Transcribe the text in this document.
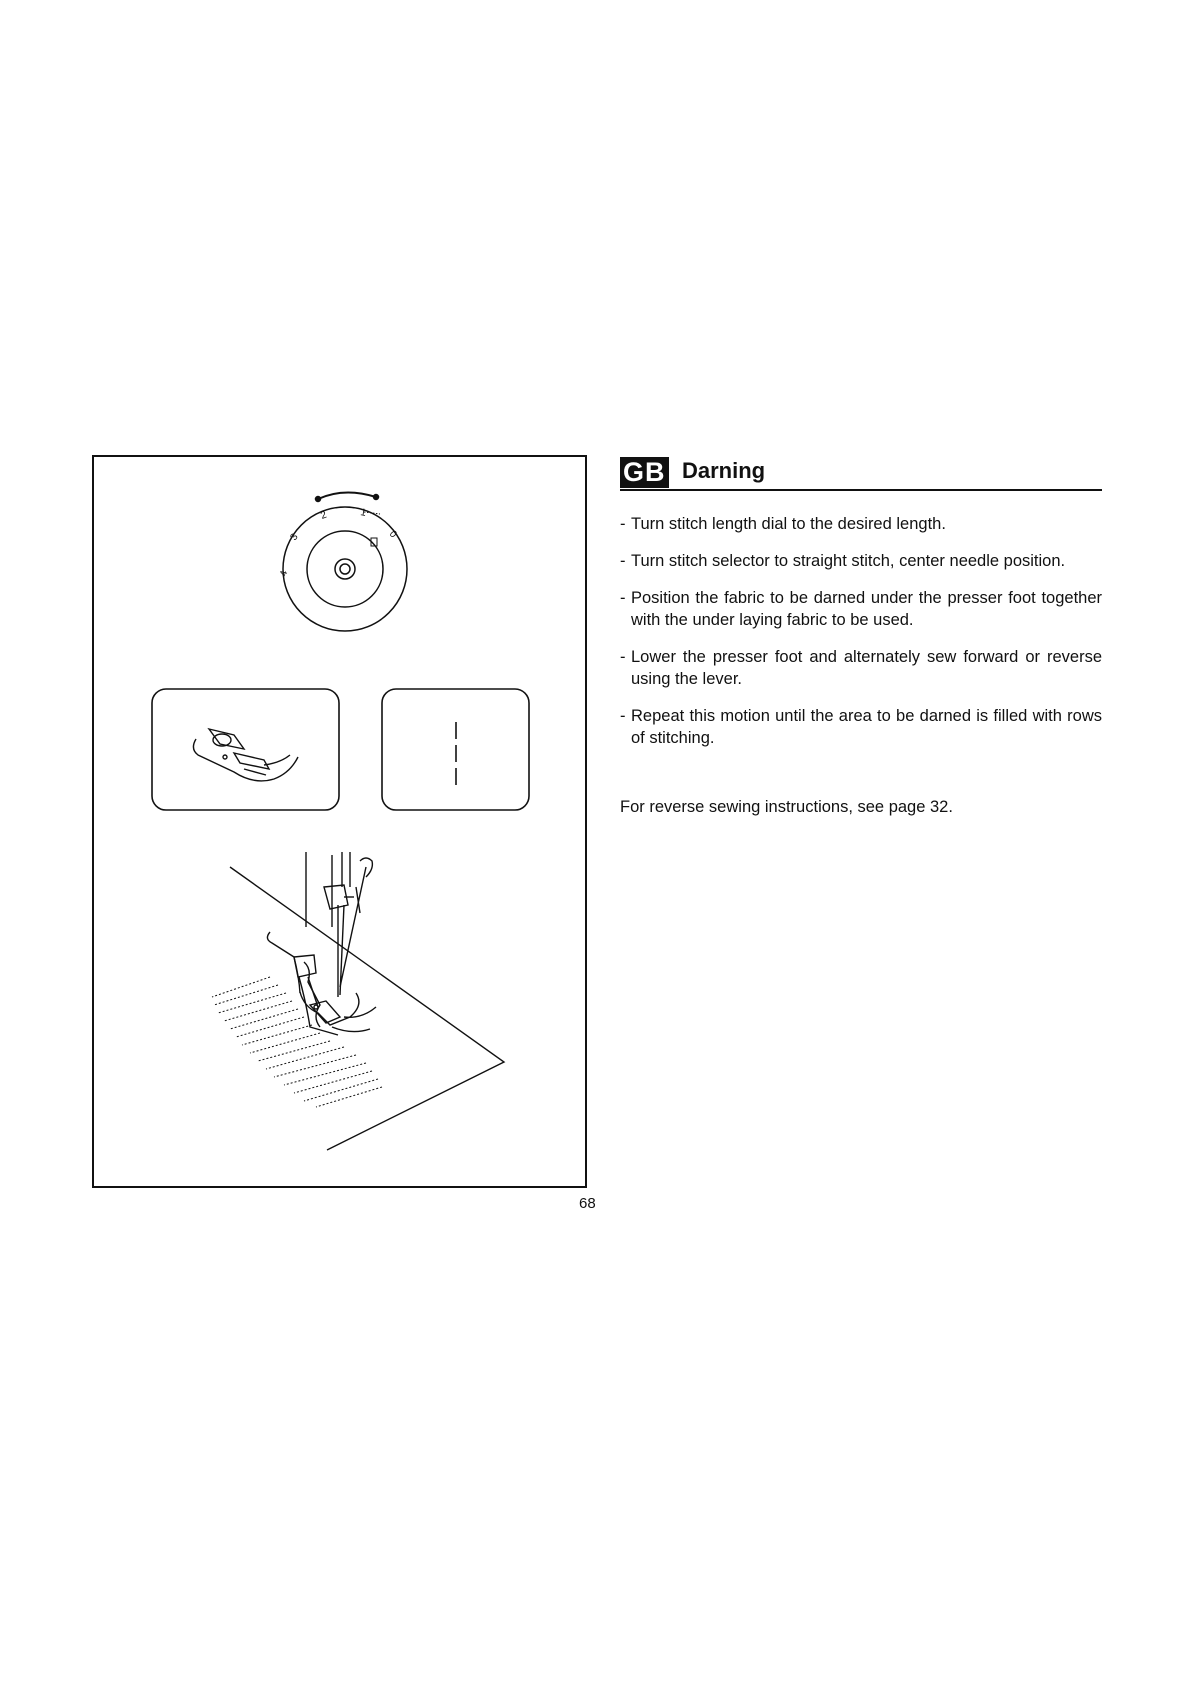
4
3
2	1
0
GB Darning
- Turn stitch length dial to the desired length.
- Turn stitch selector to straight stitch, center needle position.
- Position the fabric to be darned under the presser foot together with the under laying fabric to be used.
- Lower the presser foot and alternately sew forward or reverse using the lever.
- Repeat this motion until the area to be darned is filled with rows of stitching.
For reverse sewing instructions, see page 32.
68
